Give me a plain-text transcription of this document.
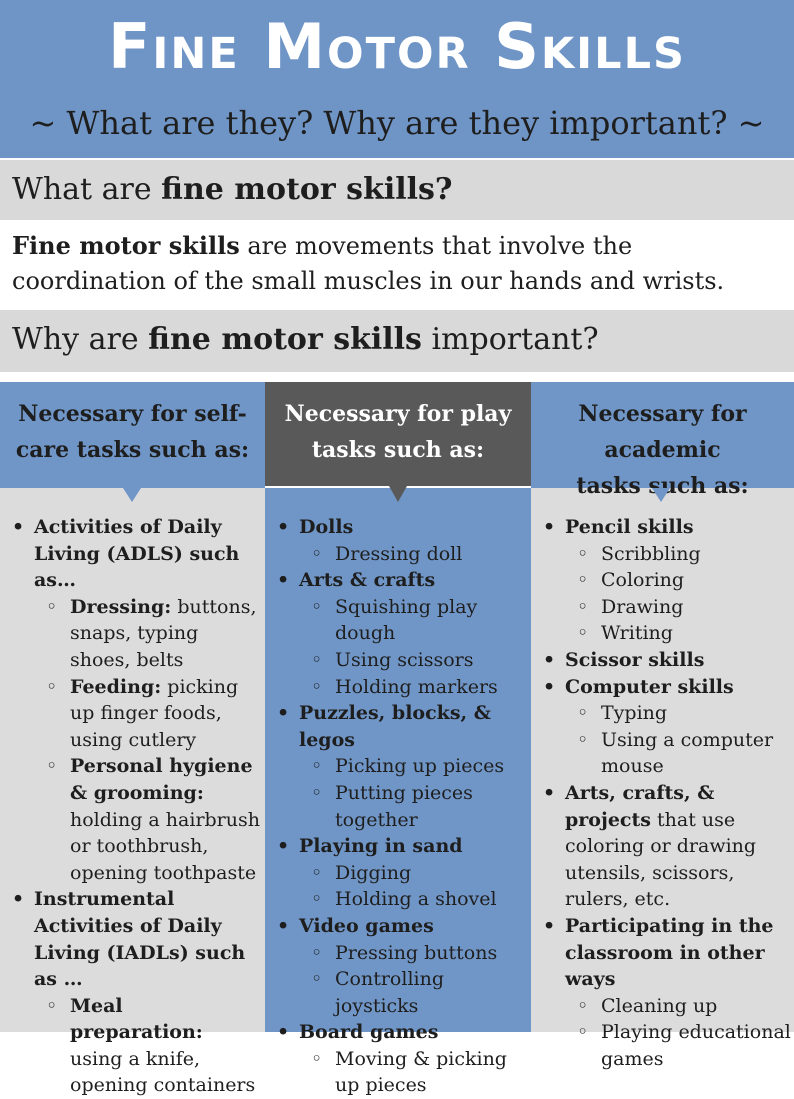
Fine Motor Skills
~ What are they? Why are they important? ~
What are fine motor skills?
Fine motor skills are movements that involve the coordination of the small muscles in our hands and wrists.
Why are fine motor skills important?
Necessary for self-
care tasks such as:
Necessary for play
tasks such as:
Necessary for academic
tasks such as:
• Activities of Daily Living (ADLS) such as…
◦ Dressing: buttons, snaps, typing shoes, belts
◦ Feeding: picking up finger foods, using cutlery
◦ Personal hygiene & grooming: holding a hairbrush or toothbrush, opening toothpaste
• Instrumental Activities of Daily Living (IADLs) such as …
◦ Meal preparation: using a knife, opening containers
• Dolls
◦ Dressing doll
• Arts & crafts
◦ Squishing play dough
◦ Using scissors
◦ Holding markers
• Puzzles, blocks, & legos
◦ Picking up pieces
◦ Putting pieces together
• Playing in sand
◦ Digging
◦ Holding a shovel
• Video games
◦ Pressing buttons
◦ Controlling joysticks
• Board games
◦ Moving & picking up pieces
• Pencil skills
◦ Scribbling
◦ Coloring
◦ Drawing
◦ Writing
• Scissor skills
• Computer skills
◦ Typing
◦ Using a computer mouse
• Arts, crafts, & projects that use coloring or drawing utensils, scissors, rulers, etc.
• Participating in the classroom in other ways
◦ Cleaning up
◦ Playing educational games
